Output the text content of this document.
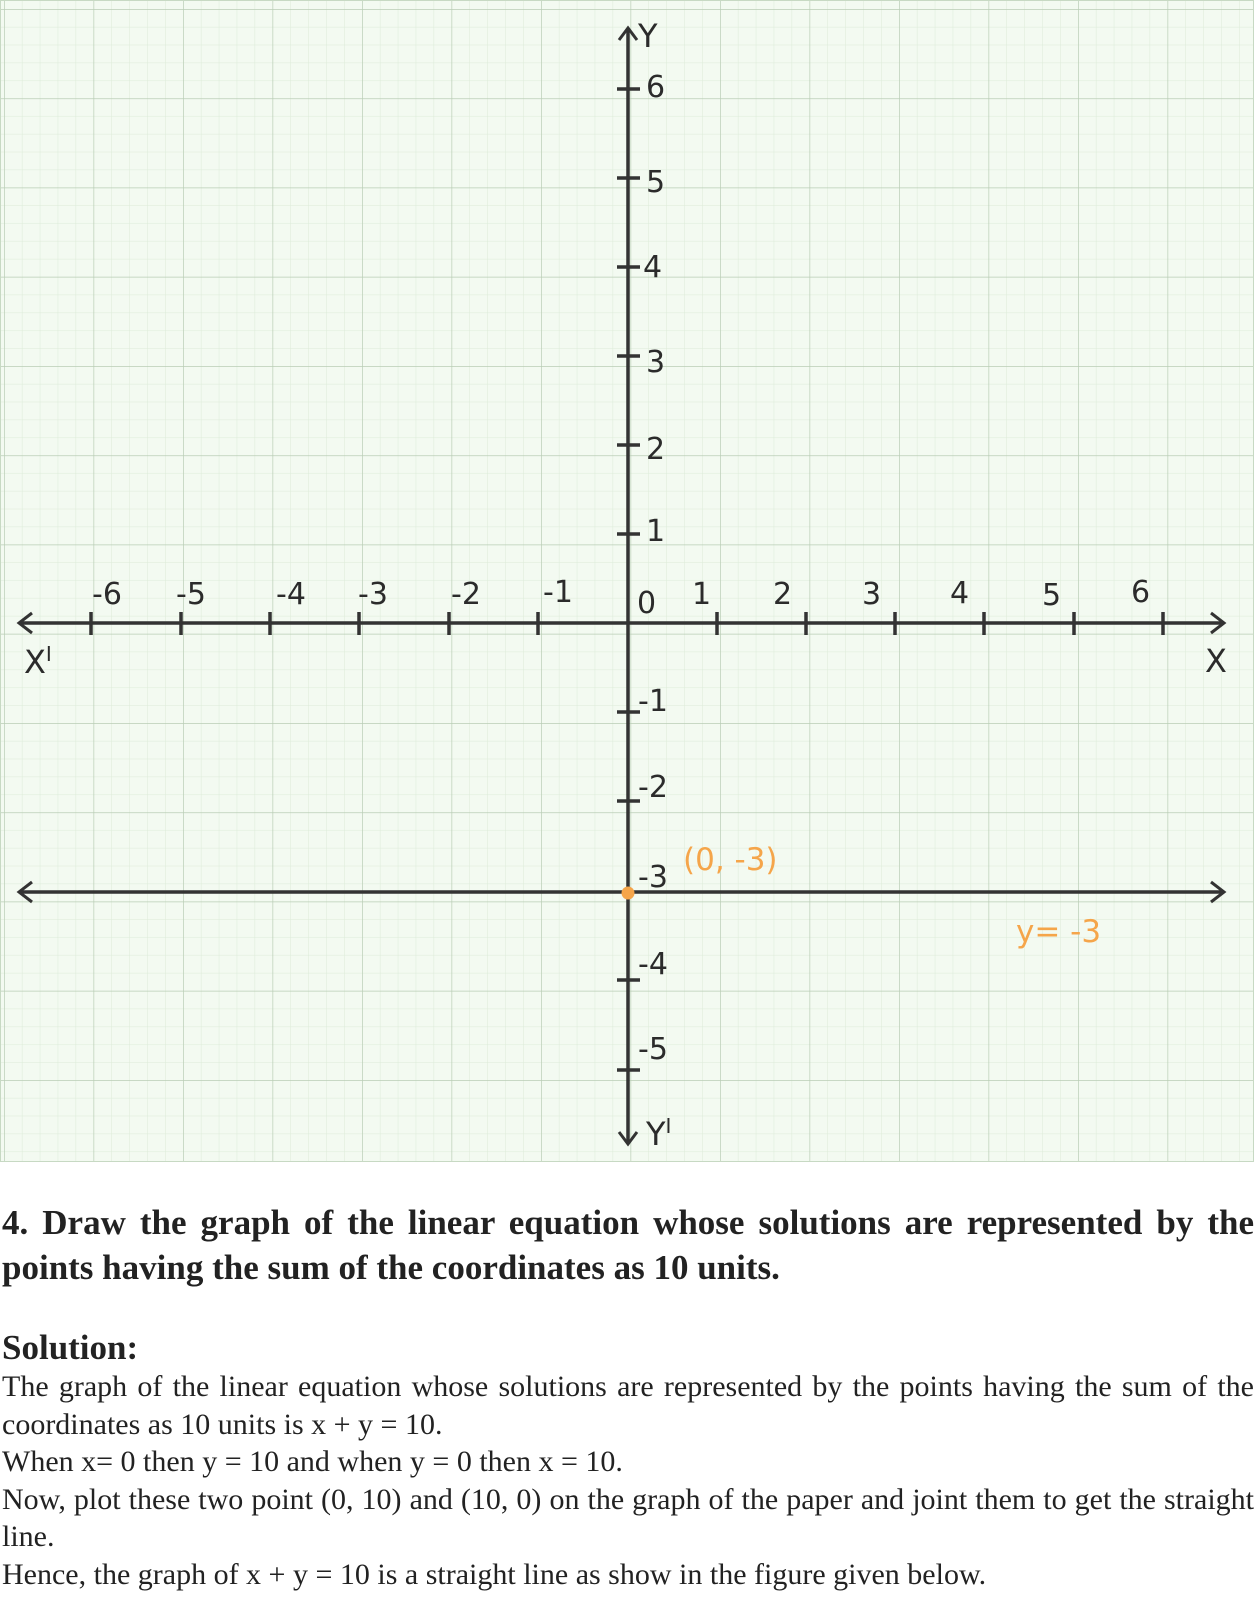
Y
$Y^I$
X
$X^I$
0
-6 -5 -4 -3 -2 -1	1 2 3 4 5 6
6
5
4
3
2
1
-1
-2
-3
-4
-5
(0, -3)
y= -3

4. Draw the graph of the linear equation whose solutions are represented by the points having the sum of the coordinates as 10 units.

Solution:

The graph of the linear equation whose solutions are represented by the points having the sum of the coordinates as 10 units is x + y = 10.

When x= 0 then y = 10 and when y = 0 then x = 10.

Now, plot these two point (0, 10) and (10, 0) on the graph of the paper and joint them to get the straight line.

Hence, the graph of x + y = 10 is a straight line as show in the figure given below.
